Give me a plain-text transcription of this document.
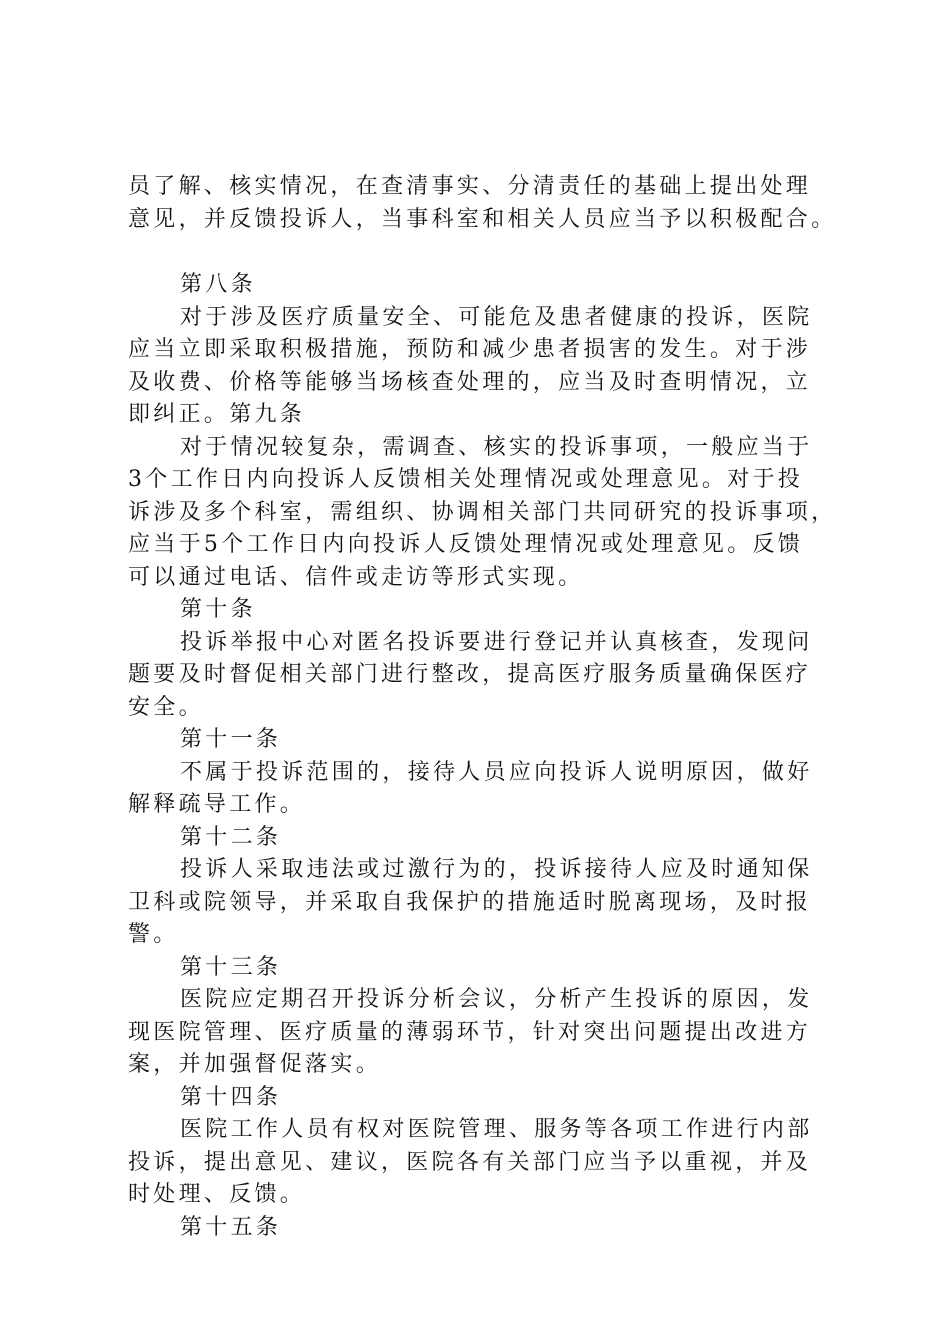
员了解、核实情况，在查清事实、分清责任的基础上提出处理
意见，并反馈投诉人，当事科室和相关人员应当予以积极配合。
第八条
对于涉及医疗质量安全、可能危及患者健康的投诉，医院
应当立即采取积极措施，预防和减少患者损害的发生。对于涉
及收费、价格等能够当场核查处理的，应当及时查明情况，立
即纠正。第九条
对于情况较复杂，需调查、核实的投诉事项，一般应当于
3个工作日内向投诉人反馈相关处理情况或处理意见。对于投
诉涉及多个科室，需组织、协调相关部门共同研究的投诉事项，
应当于5个工作日内向投诉人反馈处理情况或处理意见。反馈
可以通过电话、信件或走访等形式实现。
第十条
投诉举报中心对匿名投诉要进行登记并认真核查，发现问
题要及时督促相关部门进行整改，提高医疗服务质量确保医疗
安全。
第十一条
不属于投诉范围的，接待人员应向投诉人说明原因，做好
解释疏导工作。
第十二条
投诉人采取违法或过激行为的，投诉接待人应及时通知保
卫科或院领导，并采取自我保护的措施适时脱离现场，及时报
警。
第十三条
医院应定期召开投诉分析会议，分析产生投诉的原因，发
现医院管理、医疗质量的薄弱环节，针对突出问题提出改进方
案，并加强督促落实。
第十四条
医院工作人员有权对医院管理、服务等各项工作进行内部
投诉，提出意见、建议，医院各有关部门应当予以重视，并及
时处理、反馈。
第十五条
